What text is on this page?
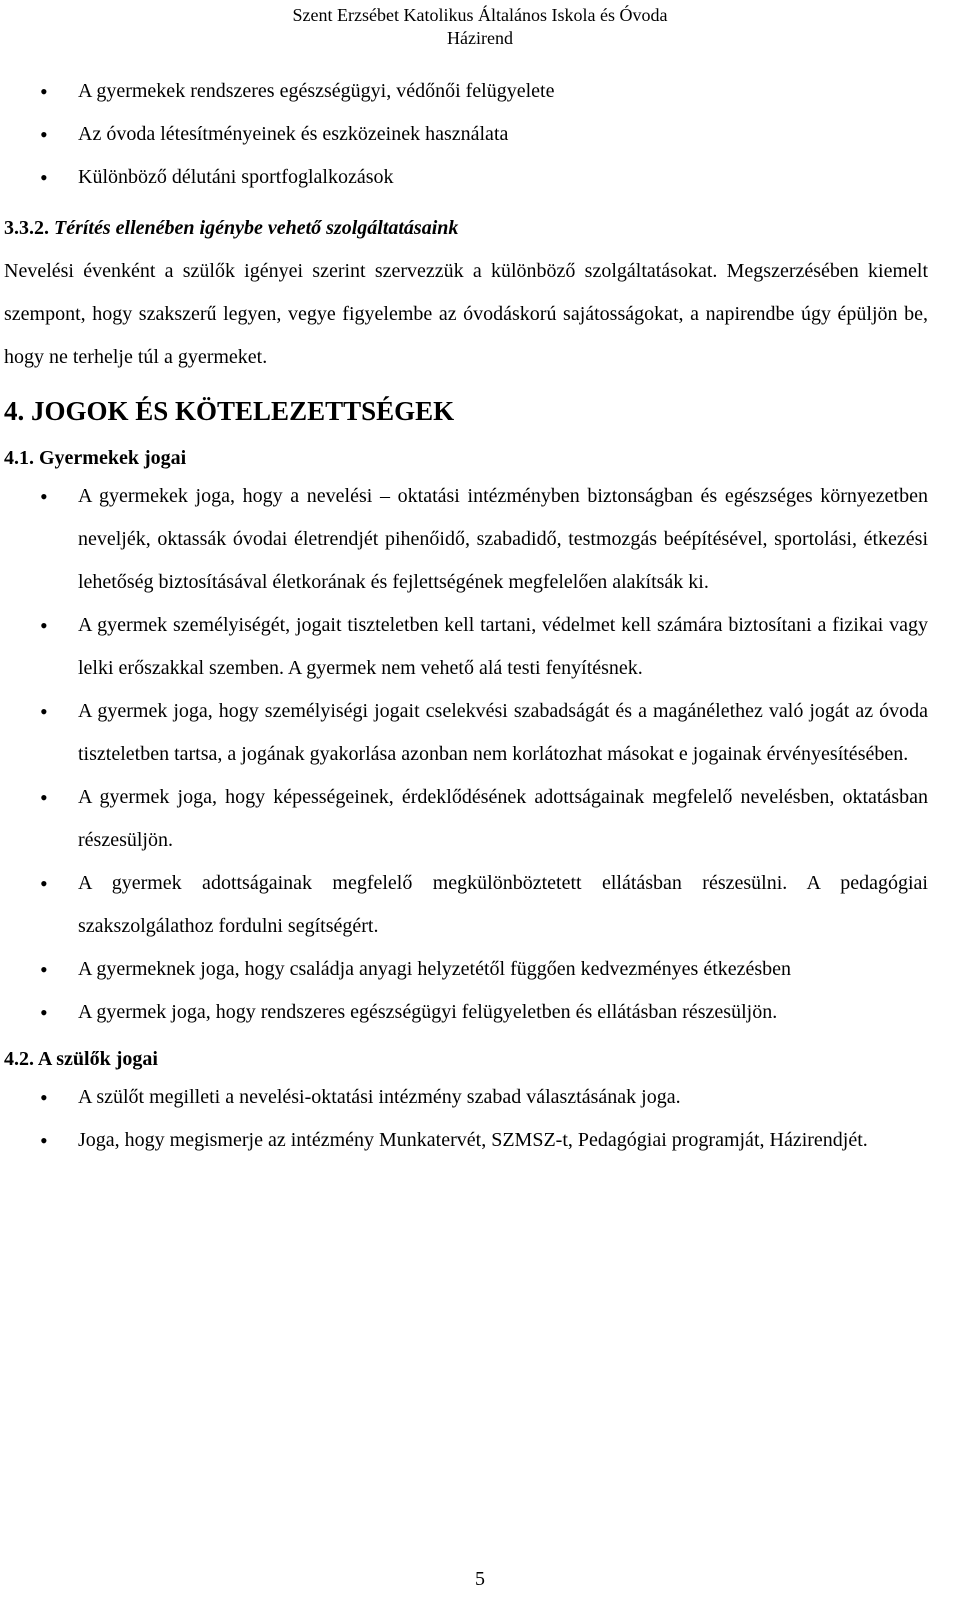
Szent Erzsébet Katolikus Általános Iskola és Óvoda
Házirend
• A gyermekek rendszeres egészségügyi, védőnői felügyelete
• Az óvoda létesítményeinek és eszközeinek használata
• Különböző délutáni sportfoglalkozások
3.3.2. Térítés ellenében igénybe vehető szolgáltatásaink

Nevelési évenként a szülők igényei szerint szervezzük a különböző szolgáltatásokat. Megszerzésében kiemelt szempont, hogy szakszerű legyen, vegye figyelembe az óvodáskorú sajátosságokat, a napirendbe úgy épüljön be, hogy ne terhelje túl a gyermeket.

4. JOGOK ÉS KÖTELEZETTSÉGEK
4.1. Gyermekek jogai
• A gyermekek joga, hogy a nevelési – oktatási intézményben biztonságban és egészséges környezetben neveljék, oktassák óvodai életrendjét pihenőidő, szabadidő, testmozgás beépítésével, sportolási, étkezési lehetőség biztosításával életkorának és fejlettségének megfelelően alakítsák ki.
• A gyermek személyiségét, jogait tiszteletben kell tartani, védelmet kell számára biztosítani a fizikai vagy lelki erőszakkal szemben. A gyermek nem vehető alá testi fenyítésnek.
• A gyermek joga, hogy személyiségi jogait cselekvési szabadságát és a magánélethez való jogát az óvoda tiszteletben tartsa, a jogának gyakorlása azonban nem korlátozhat másokat e jogainak érvényesítésében.
• A gyermek joga, hogy képességeinek, érdeklődésének adottságainak megfelelő nevelésben, oktatásban részesüljön.
• A gyermek adottságainak megfelelő megkülönböztetett ellátásban részesülni. A pedagógiai szakszolgálathoz fordulni segítségért.
• A gyermeknek joga, hogy családja anyagi helyzetétől függően kedvezményes étkezésben
• A gyermek joga, hogy rendszeres egészségügyi felügyeletben és ellátásban részesüljön.
4.2. A szülők jogai
• A szülőt megilleti a nevelési-oktatási intézmény szabad választásának joga.
• Joga, hogy megismerje az intézmény Munkatervét, SZMSZ-t, Pedagógiai programját, Házirendjét.
5
